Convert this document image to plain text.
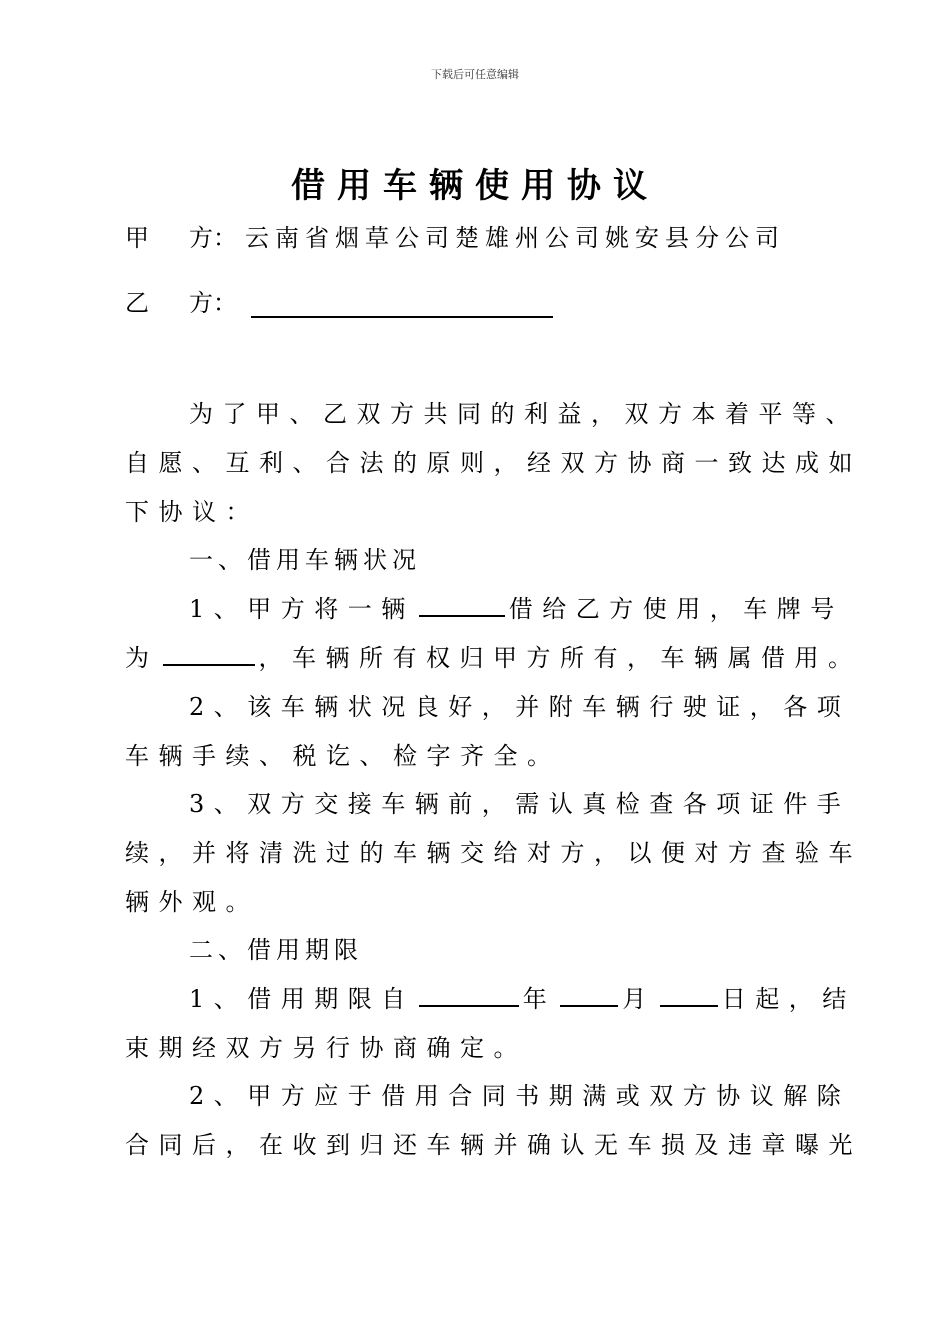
下载后可任意编辑
借用车辆使用协议
甲 方： 云南省烟草公司楚雄州公司姚安县分公司
乙 方：
为了甲、乙双方共同的利益，双方本着平等、
自愿、互利、合法的原则，经双方协商一致达成如
下协议：
一、借用车辆状况
1、甲方将一辆	借给乙方使用，车牌号
为	，车辆所有权归甲方所有，车辆属借用。
2、该车辆状况良好，并附车辆行驶证，各项
车辆手续、税讫、检字齐全。
3、双方交接车辆前，需认真检查各项证件手
续，并将清洗过的车辆交给对方，以便对方查验车
辆外观。
二、借用期限
1、借用期限自	年	月	日起，结
束期经双方另行协商确定。
2、甲方应于借用合同书期满或双方协议解除
合同后，在收到归还车辆并确认无车损及违章曝光
